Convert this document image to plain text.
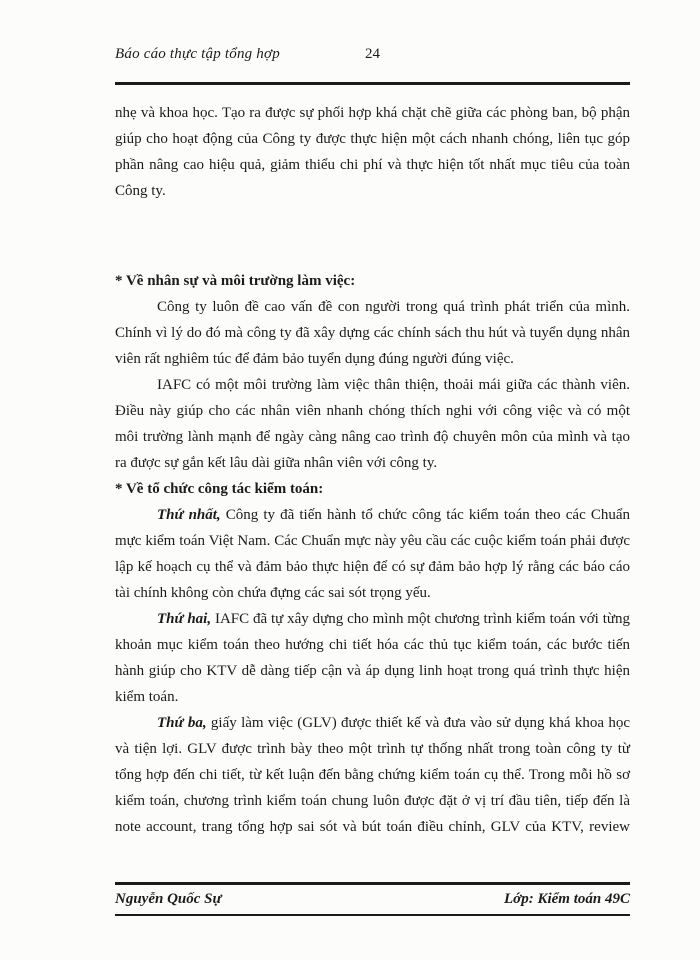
Báo cáo thực tập tổng hợp	24

nhẹ và khoa học. Tạo ra được sự phối hợp khá chặt chẽ giữa các phòng ban, bộ phận giúp cho hoạt động của Công ty được thực hiện một cách nhanh chóng, liên tục góp phần nâng cao hiệu quả, giảm thiểu chi phí và thực hiện tốt nhất mục tiêu của toàn Công ty.

* Về nhân sự và môi trường làm việc:

Công ty luôn đề cao vấn đề con người trong quá trình phát triển của mình. Chính vì lý do đó mà công ty đã xây dựng các chính sách thu hút và tuyển dụng nhân viên rất nghiêm túc để đảm bảo tuyển dụng đúng người đúng việc.

IAFC có một môi trường làm việc thân thiện, thoải mái giữa các thành viên. Điều này giúp cho các nhân viên nhanh chóng thích nghi với công việc và có một môi trường lành mạnh để ngày càng nâng cao trình độ chuyên môn của mình và tạo ra được sự gắn kết lâu dài giữa nhân viên với công ty.

* Về tổ chức công tác kiểm toán:

Thứ nhất, Công ty đã tiến hành tổ chức công tác kiểm toán theo các Chuẩn mực kiểm toán Việt Nam. Các Chuẩn mực này yêu cầu các cuộc kiểm toán phải được lập kế hoạch cụ thể và đảm bảo thực hiện để có sự đảm bảo hợp lý rằng các báo cáo tài chính không còn chứa đựng các sai sót trọng yếu.

Thứ hai, IAFC đã tự xây dựng cho mình một chương trình kiểm toán với từng khoản mục kiểm toán theo hướng chi tiết hóa các thủ tục kiểm toán, các bước tiến hành giúp cho KTV dễ dàng tiếp cận và áp dụng linh hoạt trong quá trình thực hiện kiểm toán.

Thứ ba, giấy làm việc (GLV) được thiết kế và đưa vào sử dụng khá khoa học và tiện lợi. GLV được trình bày theo một trình tự thống nhất trong toàn công ty từ tổng hợp đến chi tiết, từ kết luận đến bằng chứng kiểm toán cụ thể. Trong mỗi hồ sơ kiểm toán, chương trình kiểm toán chung luôn được đặt ở vị trí đầu tiên, tiếp đến là note account, trang tổng hợp sai sót và bút toán điều chỉnh, GLV của KTV, review

Nguyễn Quốc Sự	Lớp: Kiểm toán 49C
